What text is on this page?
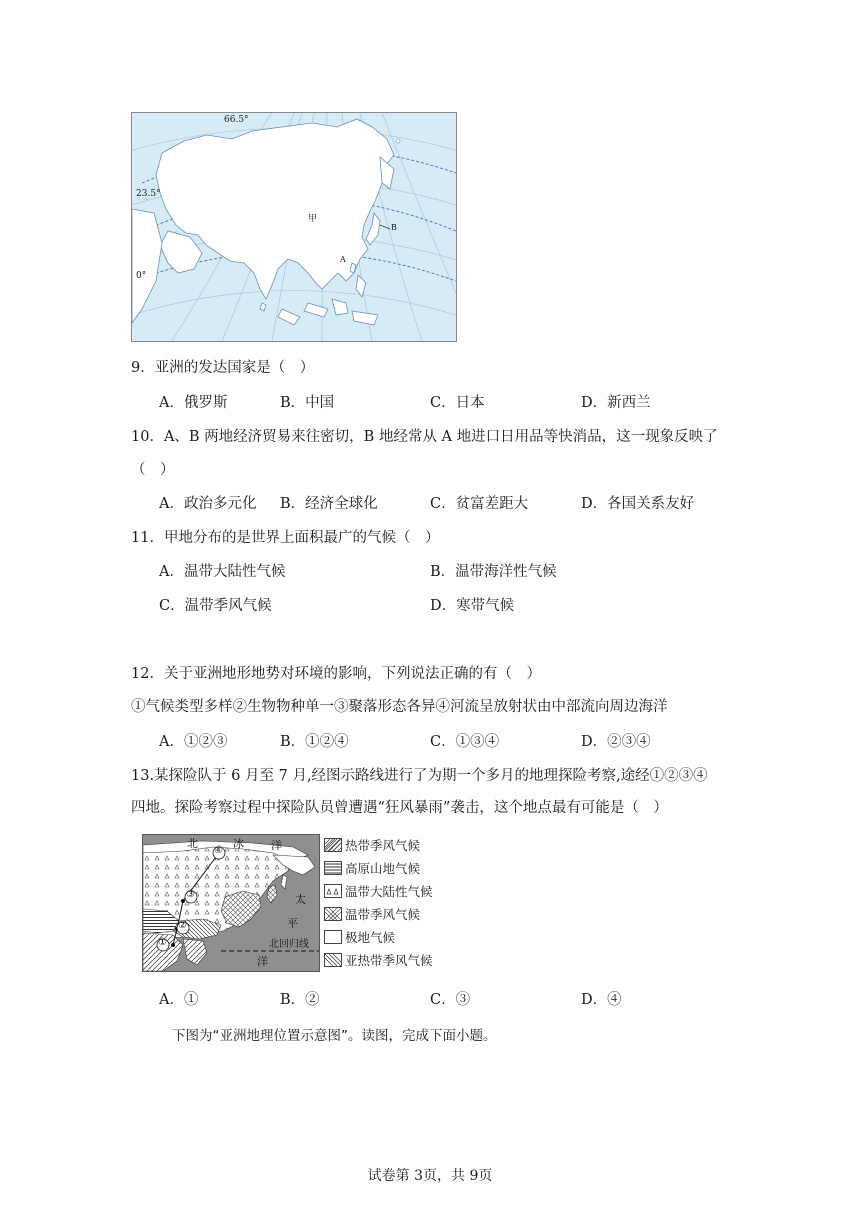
66.5°
23.5°
0°
甲
B
A
9．亚洲的发达国家是（　）
A．俄罗斯	B．中国	C．日本	D．新西兰
10．A、B 两地经济贸易来往密切，B 地经常从 A 地进口日用品等快消品，这一现象反映了
（　）
A．政治多元化 B．经济全球化	C．贫富差距大	D．各国关系友好
11．甲地分布的是世界上面积最广的气候（　）
A．温带大陆性气候	B．温带海洋性气候
C．温带季风气候	D．寒带气候
12．关于亚洲地形地势对环境的影响，下列说法正确的有（　）
①气候类型多样②生物物种单一③聚落形态各异④河流呈放射状由中部流向周边海洋
A．①②③	B．①②④	C．①③④	D．②③④
13.某探险队于 6 月至 7 月,经图示路线进行了为期一个多月的地理探险考察,途经①②③④
四地。探险考察过程中探险队员曾遭遇“狂风暴雨”袭击，这个地点最有可能是（　）
北	冰 洋
太
平
洋
北回归线
①
②
③
④	热带季风气候
高原山地气候
温带大陆性气候
温带季风气候
极地气候
亚热带季风气候
A．①	B．②	C．③	D．④
下图为“亚洲地理位置示意图”。读图，完成下面小题。
试卷第 3页，共 9页
